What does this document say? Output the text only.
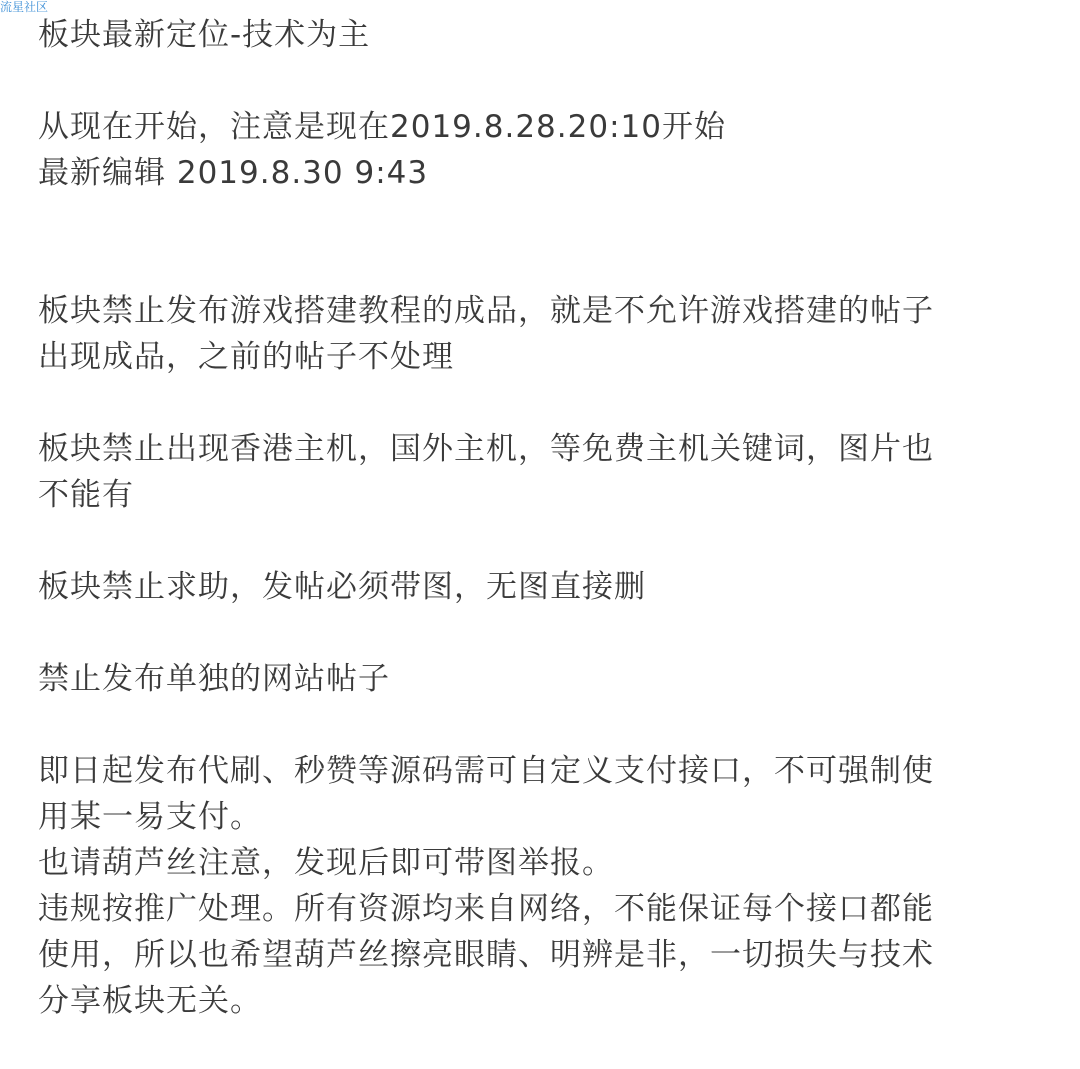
流星社区
板块最新定位-技术为主
从现在开始，注意是现在2019.8.28.20:10开始
最新编辑 2019.8.30 9:43
板块禁止发布游戏搭建教程的成品，就是不允许游戏搭建的帖子
出现成品，之前的帖子不处理
板块禁止出现香港主机，国外主机，等免费主机关键词，图片也
不能有
板块禁止求助，发帖必须带图，无图直接删
禁止发布单独的网站帖子
即日起发布代刷、秒赞等源码需可自定义支付接口，不可强制使
用某一易支付。
也请葫芦丝注意，发现后即可带图举报。
违规按推广处理。所有资源均来自网络，不能保证每个接口都能
使用，所以也希望葫芦丝擦亮眼睛、明辨是非，一切损失与技术
分享板块无关。
